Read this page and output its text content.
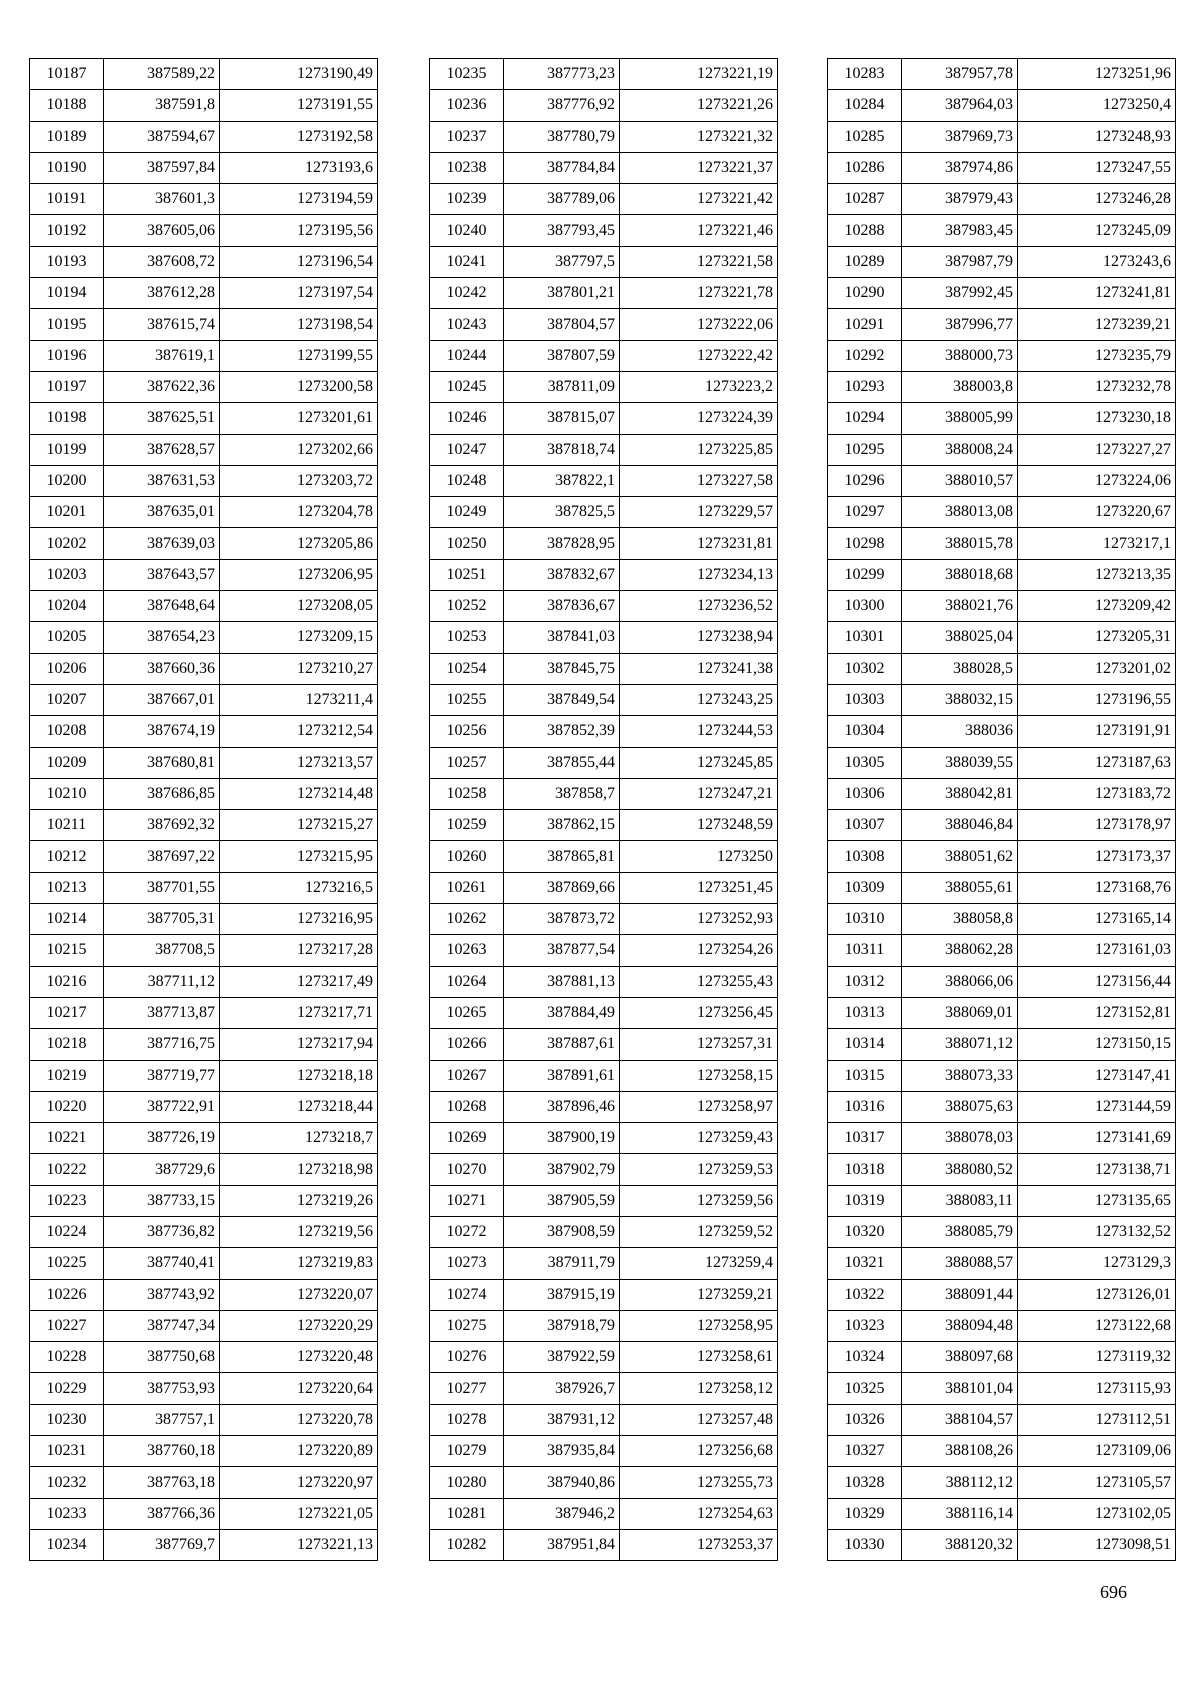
10187	387589,22	1273190,49
10188	387591,8	1273191,55
10189	387594,67	1273192,58
10190	387597,84	1273193,6
10191	387601,3	1273194,59
10192	387605,06	1273195,56
10193	387608,72	1273196,54
10194	387612,28	1273197,54
10195	387615,74	1273198,54
10196	387619,1	1273199,55
10197	387622,36	1273200,58
10198	387625,51	1273201,61
10199	387628,57	1273202,66
10200	387631,53	1273203,72
10201	387635,01	1273204,78
10202	387639,03	1273205,86
10203	387643,57	1273206,95
10204	387648,64	1273208,05
10205	387654,23	1273209,15
10206	387660,36	1273210,27
10207	387667,01	1273211,4
10208	387674,19	1273212,54
10209	387680,81	1273213,57
10210	387686,85	1273214,48
10211	387692,32	1273215,27
10212	387697,22	1273215,95
10213	387701,55	1273216,5
10214	387705,31	1273216,95
10215	387708,5	1273217,28
10216	387711,12	1273217,49
10217	387713,87	1273217,71
10218	387716,75	1273217,94
10219	387719,77	1273218,18
10220	387722,91	1273218,44
10221	387726,19	1273218,7
10222	387729,6	1273218,98
10223	387733,15	1273219,26
10224	387736,82	1273219,56
10225	387740,41	1273219,83
10226	387743,92	1273220,07
10227	387747,34	1273220,29
10228	387750,68	1273220,48
10229	387753,93	1273220,64
10230	387757,1	1273220,78
10231	387760,18	1273220,89
10232	387763,18	1273220,97
10233	387766,36	1273221,05
10234	387769,7	1273221,13
10235	387773,23	1273221,19
10236	387776,92	1273221,26
10237	387780,79	1273221,32
10238	387784,84	1273221,37
10239	387789,06	1273221,42
10240	387793,45	1273221,46
10241	387797,5	1273221,58
10242	387801,21	1273221,78
10243	387804,57	1273222,06
10244	387807,59	1273222,42
10245	387811,09	1273223,2
10246	387815,07	1273224,39
10247	387818,74	1273225,85
10248	387822,1	1273227,58
10249	387825,5	1273229,57
10250	387828,95	1273231,81
10251	387832,67	1273234,13
10252	387836,67	1273236,52
10253	387841,03	1273238,94
10254	387845,75	1273241,38
10255	387849,54	1273243,25
10256	387852,39	1273244,53
10257	387855,44	1273245,85
10258	387858,7	1273247,21
10259	387862,15	1273248,59
10260	387865,81	1273250
10261	387869,66	1273251,45
10262	387873,72	1273252,93
10263	387877,54	1273254,26
10264	387881,13	1273255,43
10265	387884,49	1273256,45
10266	387887,61	1273257,31
10267	387891,61	1273258,15
10268	387896,46	1273258,97
10269	387900,19	1273259,43
10270	387902,79	1273259,53
10271	387905,59	1273259,56
10272	387908,59	1273259,52
10273	387911,79	1273259,4
10274	387915,19	1273259,21
10275	387918,79	1273258,95
10276	387922,59	1273258,61
10277	387926,7	1273258,12
10278	387931,12	1273257,48
10279	387935,84	1273256,68
10280	387940,86	1273255,73
10281	387946,2	1273254,63
10282	387951,84	1273253,37
10283	387957,78	1273251,96
10284	387964,03	1273250,4
10285	387969,73	1273248,93
10286	387974,86	1273247,55
10287	387979,43	1273246,28
10288	387983,45	1273245,09
10289	387987,79	1273243,6
10290	387992,45	1273241,81
10291	387996,77	1273239,21
10292	388000,73	1273235,79
10293	388003,8	1273232,78
10294	388005,99	1273230,18
10295	388008,24	1273227,27
10296	388010,57	1273224,06
10297	388013,08	1273220,67
10298	388015,78	1273217,1
10299	388018,68	1273213,35
10300	388021,76	1273209,42
10301	388025,04	1273205,31
10302	388028,5	1273201,02
10303	388032,15	1273196,55
10304	388036	1273191,91
10305	388039,55	1273187,63
10306	388042,81	1273183,72
10307	388046,84	1273178,97
10308	388051,62	1273173,37
10309	388055,61	1273168,76
10310	388058,8	1273165,14
10311	388062,28	1273161,03
10312	388066,06	1273156,44
10313	388069,01	1273152,81
10314	388071,12	1273150,15
10315	388073,33	1273147,41
10316	388075,63	1273144,59
10317	388078,03	1273141,69
10318	388080,52	1273138,71
10319	388083,11	1273135,65
10320	388085,79	1273132,52
10321	388088,57	1273129,3
10322	388091,44	1273126,01
10323	388094,48	1273122,68
10324	388097,68	1273119,32
10325	388101,04	1273115,93
10326	388104,57	1273112,51
10327	388108,26	1273109,06
10328	388112,12	1273105,57
10329	388116,14	1273102,05
10330	388120,32	1273098,51
696
